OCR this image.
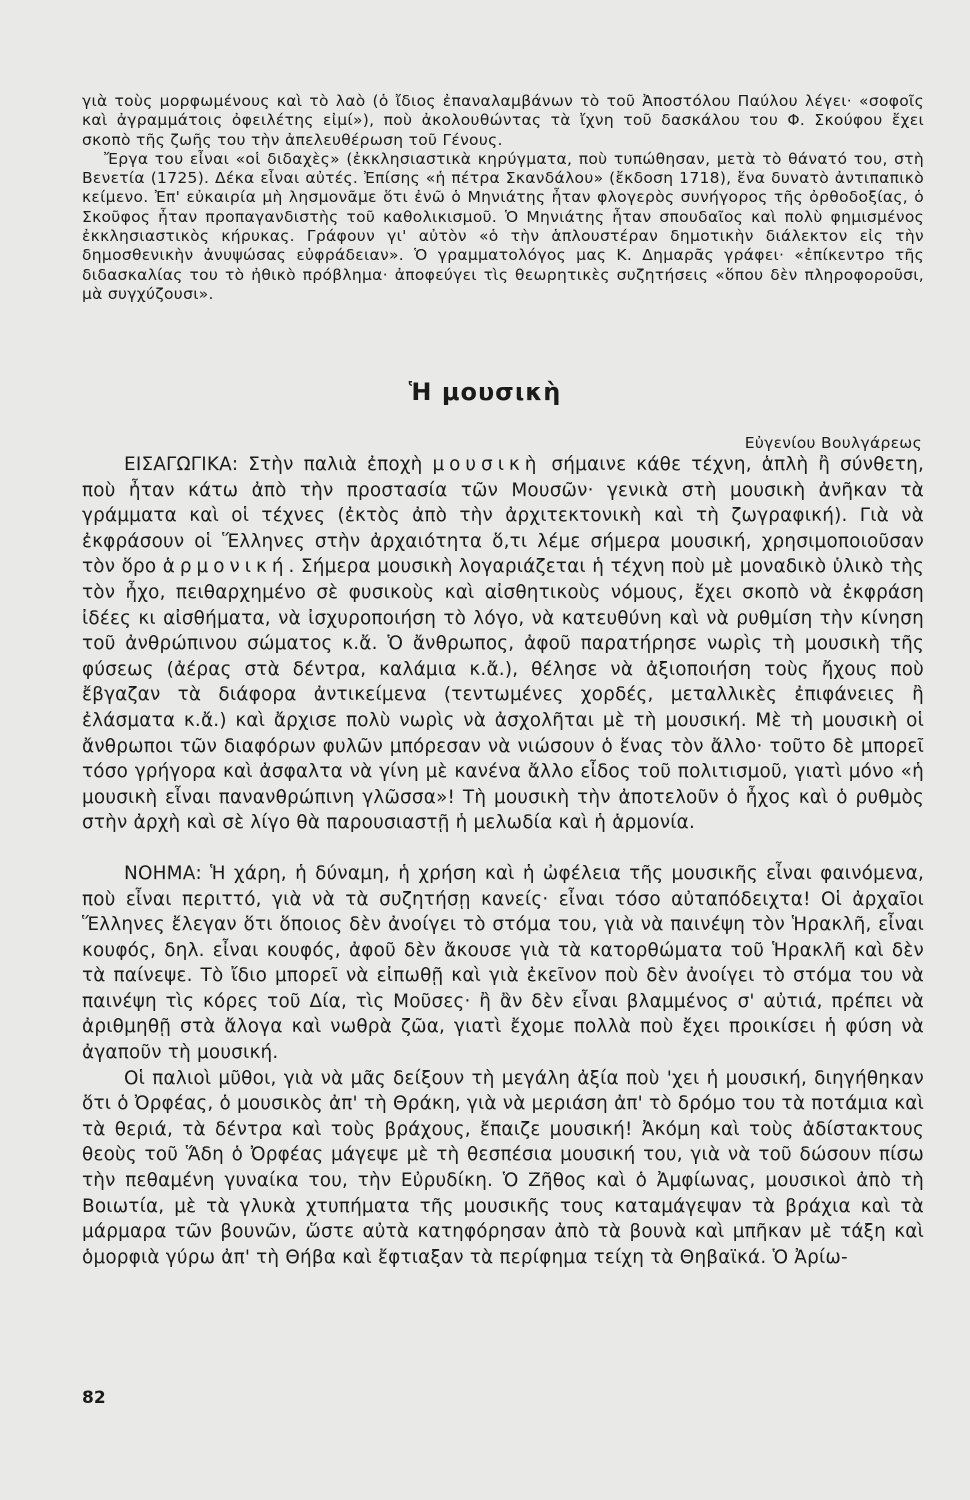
γιὰ τοὺς μορφωμένους καὶ τὸ λαὸ (ὁ ἴδιος ἐπαναλαμβάνων τὸ τοῦ Ἀποστόλου Παύλου λέγει· «σοφοῖς καὶ ἀγραμμάτοις ὀφειλέτης εἰμί»), ποὺ ἀκολουθώντας τὰ ἴχνη τοῦ δασκάλου του Φ. Σκούφου ἔχει σκοπὸ τῆς ζωῆς του τὴν ἀπελευθέρωση τοῦ Γένους.

Ἔργα του εἶναι «οἱ διδαχὲς» (ἐκκλησιαστικὰ κηρύγματα, ποὺ τυπώθησαν, μετὰ τὸ θάνατό του, στὴ Βενετία (1725). Δέκα εἶναι αὐτές. Ἐπίσης «ἡ πέτρα Σκανδάλου» (ἔκδοση 1718), ἕνα δυνατὸ ἀντιπαπικὸ κείμενο. Ἐπ' εὐκαιρία μὴ λησμονᾶμε ὅτι ἐνῶ ὁ Μηνιάτης ἦταν φλογερὸς συνήγορος τῆς ὀρθοδοξίας, ὁ Σκοῦφος ἦταν προπαγανδιστὴς τοῦ καθολικισμοῦ. Ὁ Μηνιάτης ἦταν σπουδαῖος καὶ πολὺ φημισμένος ἐκκλησιαστικὸς κήρυκας. Γράφουν γι' αὐτὸν «ὁ τὴν ἁπλουστέραν δημοτικὴν διάλεκτον εἰς τὴν δημοσθενικὴν ἀνυψώσας εὐφράδειαν». Ὁ γραμματολόγος μας Κ. Δημαρᾶς γράφει· «ἐπίκεντρο τῆς διδασκαλίας του τὸ ἠθικὸ πρόβλημα· ἀποφεύγει τὶς θεωρητικὲς συζητήσεις «ὅπου δὲν πληροφοροῦσι, μὰ συγχύζουσι».

Ἡ μουσικὴ
Εὐγενίου Βουλγάρεως

ΕΙΣΑΓΩΓΙΚΑ: Στὴν παλιὰ ἐποχὴ μουσικὴ σήμαινε κάθε τέχνη, ἁπλὴ ἢ σύνθετη, ποὺ ἦταν κάτω ἀπὸ τὴν προστασία τῶν Μουσῶν· γενικὰ στὴ μουσικὴ ἀνῆκαν τὰ γράμματα καὶ οἱ τέχνες (ἐκτὸς ἀπὸ τὴν ἀρχιτεκτονικὴ καὶ τὴ ζωγραφική). Γιὰ νὰ ἐκφράσουν οἱ Ἕλληνες στὴν ἀρχαιότητα ὅ,τι λέμε σήμερα μουσική, χρησιμοποιοῦσαν τὸν ὅρο ἁρμονική. Σήμερα μουσικὴ λογαριάζεται ἡ τέχνη ποὺ μὲ μοναδικὸ ὑλικὸ τὴς τὸν ἦχο, πειθαρχημένο σὲ φυσικοὺς καὶ αἰσθητικοὺς νόμους, ἔχει σκοπὸ νὰ ἐκφράση ἰδέες κι αἰσθήματα, νὰ ἰσχυροποιήση τὸ λόγο, νὰ κατευθύνη καὶ νὰ ρυθμίση τὴν κίνηση τοῦ ἀνθρώπινου σώματος κ.ἄ. Ὁ ἄνθρωπος, ἀφοῦ παρατήρησε νωρὶς τὴ μουσικὴ τῆς φύσεως (ἀέρας στὰ δέντρα, καλάμια κ.ἄ.), θέλησε νὰ ἀξιοποιήση τοὺς ἤχους ποὺ ἔβγαζαν τὰ διάφορα ἀντικείμενα (τεντωμένες χορδές, μεταλλικὲς ἐπιφάνειες ἢ ἐλάσματα κ.ἄ.) καὶ ἄρχισε πολὺ νωρὶς νὰ ἀσχολῆται μὲ τὴ μουσική. Μὲ τὴ μουσικὴ οἱ ἄνθρωποι τῶν διαφόρων φυλῶν μπόρεσαν νὰ νιώσουν ὁ ἕνας τὸν ἄλλο· τοῦτο δὲ μπορεῖ τόσο γρήγορα καὶ ἀσφαλτα νὰ γίνη μὲ κανένα ἄλλο εἶδος τοῦ πολιτισμοῦ, γιατὶ μόνο «ἡ μουσικὴ εἶναι πανανθρώπινη γλῶσσα»! Τὴ μουσικὴ τὴν ἀποτελοῦν ὁ ἦχος καὶ ὁ ρυθμὸς στὴν ἀρχὴ καὶ σὲ λίγο θὰ παρουσιαστῇ ἡ μελωδία καὶ ἡ ἁρμονία.

ΝΟΗΜΑ: Ἡ χάρη, ἡ δύναμη, ἡ χρήση καὶ ἡ ὠφέλεια τῆς μουσικῆς εἶναι φαινόμενα, ποὺ εἶναι περιττό, γιὰ νὰ τὰ συζητήσῃ κανείς· εἶναι τόσο αὐταπόδειχτα! Οἱ ἀρχαῖοι Ἕλληνες ἔλεγαν ὅτι ὅποιος δὲν ἀνοίγει τὸ στόμα του, γιὰ νὰ παινέψη τὸν Ἡρακλῆ, εἶναι κουφός, δηλ. εἶναι κουφός, ἀφοῦ δὲν ἄκουσε γιὰ τὰ κατορθώματα τοῦ Ἡρακλῆ καὶ δὲν τὰ παίνεψε. Τὸ ἴδιο μπορεῖ νὰ εἰπωθῇ καὶ γιὰ ἐκεῖνον ποὺ δὲν ἀνοίγει τὸ στόμα του νὰ παινέψη τὶς κόρες τοῦ Δία, τὶς Μοῦσες· ἢ ἂν δὲν εἶναι βλαμμένος σ' αὐτιά, πρέπει νὰ ἀριθμηθῇ στὰ ἄλογα καὶ νωθρὰ ζῶα, γιατὶ ἔχομε πολλὰ ποὺ ἔχει προικίσει ἡ φύση νὰ ἀγαποῦν τὴ μουσική.

Οἱ παλιοὶ μῦθοι, γιὰ νὰ μᾶς δείξουν τὴ μεγάλη ἀξία ποὺ 'χει ἡ μουσική, διηγήθηκαν ὅτι ὁ Ὀρφέας, ὁ μουσικὸς ἀπ' τὴ Θράκη, γιὰ νὰ μεριάση ἀπ' τὸ δρόμο του τὰ ποτάμια καὶ τὰ θεριά, τὰ δέντρα καὶ τοὺς βράχους, ἔπαιζε μουσική! Ἀκόμη καὶ τοὺς ἀδίστακτους θεοὺς τοῦ Ἅδη ὁ Ὀρφέας μάγεψε μὲ τὴ θεσπέσια μουσική του, γιὰ νὰ τοῦ δώσουν πίσω τὴν πεθαμένη γυναίκα του, τὴν Εὐρυδίκη. Ὁ Ζῆθος καὶ ὁ Ἀμφίωνας, μουσικοὶ ἀπὸ τὴ Βοιωτία, μὲ τὰ γλυκὰ χτυπήματα τῆς μουσικῆς τους καταμάγεψαν τὰ βράχια καὶ τὰ μάρμαρα τῶν βουνῶν, ὥστε αὐτὰ κατηφόρησαν ἀπὸ τὰ βουνὰ καὶ μπῆκαν μὲ τάξη καὶ ὁμορφιὰ γύρω ἀπ' τὴ Θήβα καὶ ἔφτιαξαν τὰ περίφημα τείχη τὰ Θηβαϊκά. Ὁ Ἀρίω-

82
